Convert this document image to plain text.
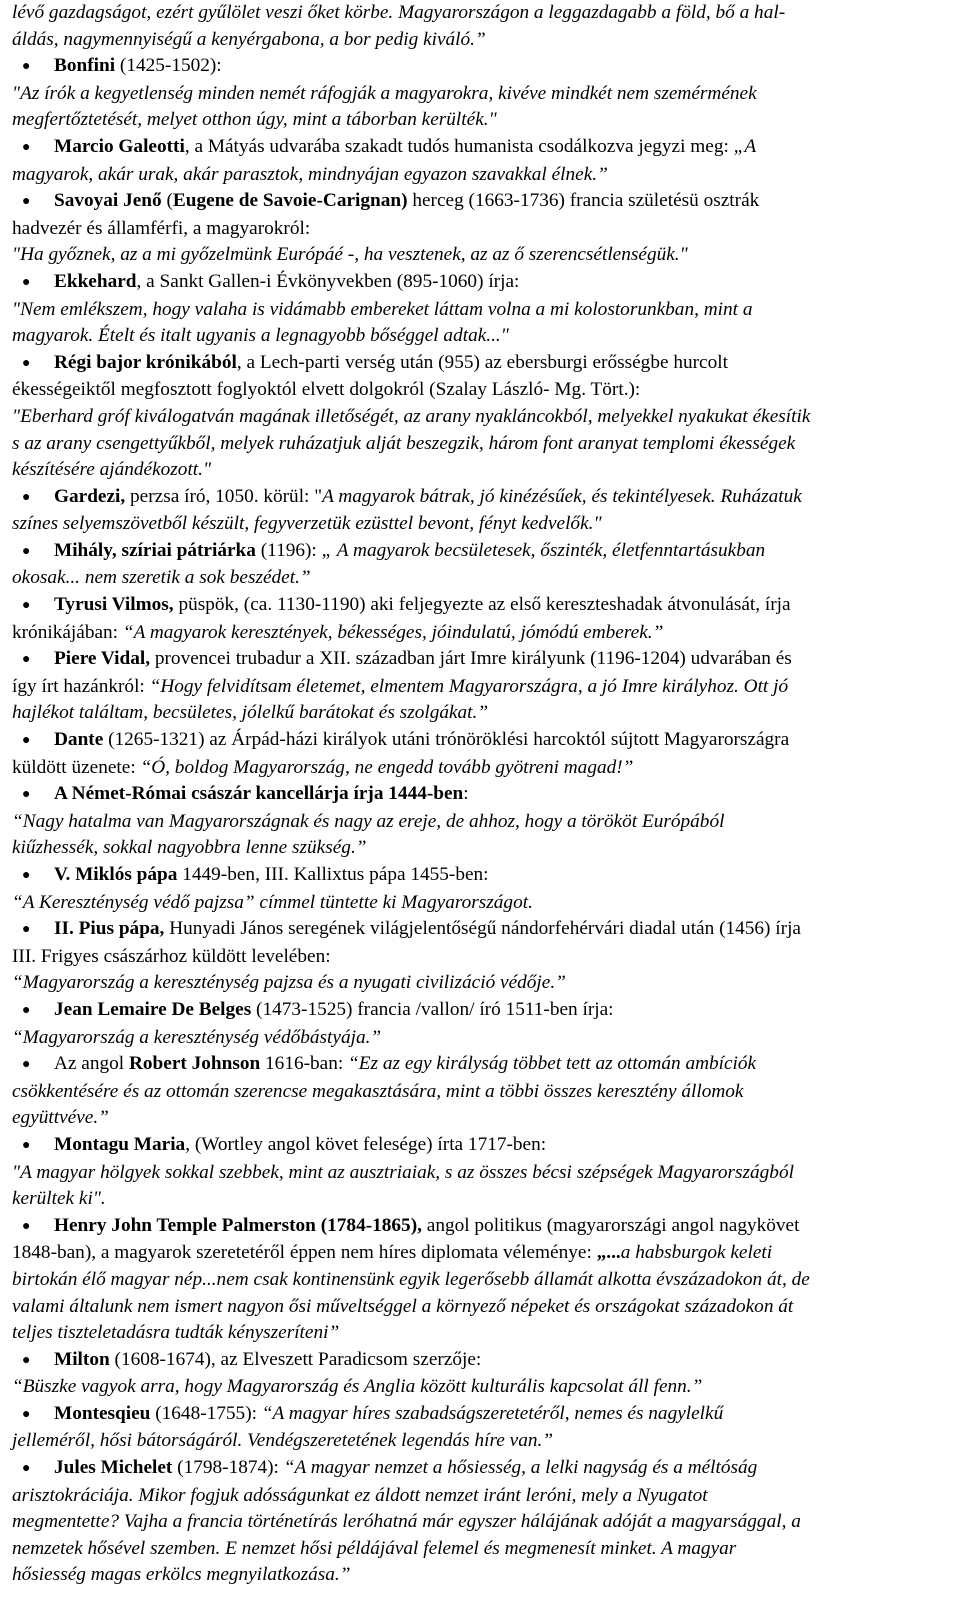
lévő gazdagságot, ezért gyűlölet veszi őket körbe. Magyarországon a leggazdagabb a föld, bő a hal-

áldás, nagymennyiségű a kenyérgabona, a bor pedig kiváló.”

●Bonfini (1425-1502):

"Az írók a kegyetlenség minden nemét ráfogják a magyarokra, kivéve mindkét nem szemérmének

megfertőztetését, melyet otthon úgy, mint a táborban kerülték."

●Marcio Galeotti, a Mátyás udvarába szakadt tudós humanista csodálkozva jegyzi meg: „A

magyarok, akár urak, akár parasztok, mindnyájan egyazon szavakkal élnek.”

●Savoyai Jenő (Eugene de Savoie-Carignan) herceg (1663-1736) francia születésü osztrák

hadvezér és államférfi, a magyarokról:

"Ha győznek, az a mi győzelmünk Európáé -, ha vesztenek, az az ő szerencsétlenségük."

●Ekkehard, a Sankt Gallen-i Évkönyvekben (895-1060) írja:

"Nem emlékszem, hogy valaha is vidámabb embereket láttam volna a mi kolostorunkban, mint a

magyarok. Ételt és italt ugyanis a legnagyobb bőséggel adtak..."

●Régi bajor krónikából, a Lech-parti verség után (955) az ebersburgi erősségbe hurcolt

ékességeiktől megfosztott foglyoktól elvett dolgokról (Szalay László- Mg. Tört.):

"Eberhard gróf kiválogatván magának illetőségét, az arany nyakláncokból, melyekkel nyakukat ékesítik

s az arany csengettyűkből, melyek ruházatjuk alját beszegzik, három font aranyat templomi ékességek

készítésére ajándékozott."

●Gardezi, perzsa író, 1050. körül: "A magyarok bátrak, jó kinézésűek, és tekintélyesek. Ruházatuk

színes selyemszövetből készült, fegyverzetük ezüsttel bevont, fényt kedvelők."

●Mihály, szíriai pátriárka (1196): „ A magyarok becsületesek, őszinték, életfenntartásukban

okosak... nem szeretik a sok beszédet.”

●Tyrusi Vilmos, püspök, (ca. 1130-1190) aki feljegyezte az első kereszteshadak átvonulását, írja

krónikájában: “A magyarok keresztények, békességes, jóindulatú, jómódú emberek.”

●Piere Vidal, provencei trubadur a XII. században járt Imre királyunk (1196-1204) udvarában és

így írt hazánkról: “Hogy felvidítsam életemet, elmentem Magyarországra, a jó Imre királyhoz. Ott jó

hajlékot találtam, becsületes, jólelkű barátokat és szolgákat.”

●Dante (1265-1321) az Árpád-házi királyok utáni trónöröklési harcoktól sújtott Magyarországra

küldött üzenete: “Ó, boldog Magyarország, ne engedd tovább gyötreni magad!”

●A Német-Római császár kancellárja írja 1444-ben:

“Nagy hatalma van Magyarországnak és nagy az ereje, de ahhoz, hogy a törököt Európából

kiűzhessék, sokkal nagyobbra lenne szükség.”

●V. Miklós pápa 1449-ben, III. Kallixtus pápa 1455-ben:

“A Kereszténység védő pajzsa” címmel tüntette ki Magyarországot.

●II. Pius pápa, Hunyadi János seregének világjelentőségű nándorfehérvári diadal után (1456) írja

III. Frigyes császárhoz küldött levelében:

“Magyarország a kereszténység pajzsa és a nyugati civilizáció védője.”

●Jean Lemaire De Belges (1473-1525) francia /vallon/ író 1511-ben írja:

“Magyarország a kereszténység védőbástyája.”

●Az angol Robert Johnson 1616-ban: “Ez az egy királyság többet tett az ottomán ambíciók

csökkentésére és az ottomán szerencse megakasztására, mint a többi összes keresztény állomok

együttvéve.”

●Montagu Maria, (Wortley angol követ felesége) írta 1717-ben:

"A magyar hölgyek sokkal szebbek, mint az ausztriaiak, s az összes bécsi szépségek Magyarországból

kerültek ki".

●Henry John Temple Palmerston (1784-1865), angol politikus (magyarországi angol nagykövet

1848-ban), a magyarok szeretetéről éppen nem híres diplomata véleménye: „...a habsburgok keleti

birtokán élő magyar nép...nem csak kontinensünk egyik legerősebb államát alkotta évszázadokon át, de

valami általunk nem ismert nagyon ősi műveltséggel a környező népeket és országokat századokon át

teljes tiszteletadásra tudták kényszeríteni”

●Milton (1608-1674), az Elveszett Paradicsom szerzője:

“Büszke vagyok arra, hogy Magyarország és Anglia között kulturális kapcsolat áll fenn.”

●Montesqieu (1648-1755): “A magyar híres szabadságszeretetéről, nemes és nagylelkű

jelleméről, hősi bátorságáról. Vendégszeretetének legendás híre van.”

●Jules Michelet (1798-1874): “A magyar nemzet a hősiesség, a lelki nagyság és a méltóság

arisztokráciája. Mikor fogjuk adósságunkat ez áldott nemzet iránt leróni, mely a Nyugatot

megmentette? Vajha a francia történetírás leróhatná már egyszer hálájának adóját a magyarsággal, a

nemzetek hősével szemben. E nemzet hősi példájával felemel és megmenesít minket. A magyar

hősiesség magas erkölcs megnyilatkozása.”
